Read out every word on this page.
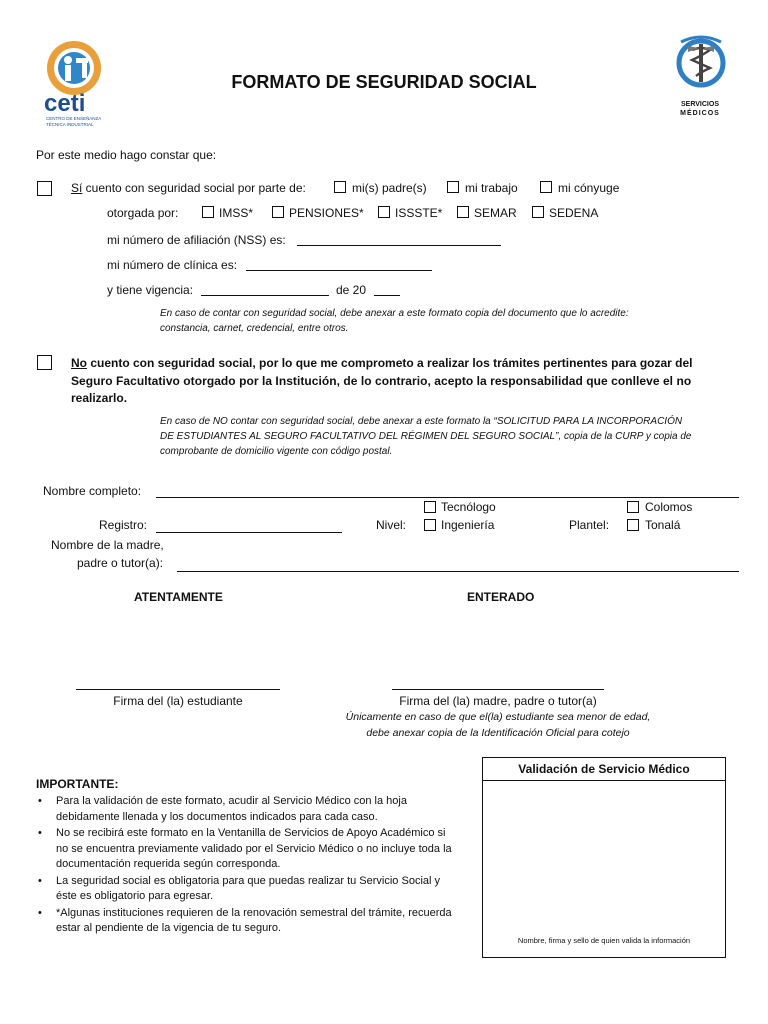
ceti
CENTRO DE ENSEÑANZA
TÉCNICA INDUSTRIAL
FORMATO DE SEGURIDAD SOCIAL
SERVICIOS
MÉDICOS
Por este medio hago constar que:
Sí cuento con seguridad social por parte de:	mi(s) padre(s)	mi trabajo	mi cónyuge
otorgada por:	IMSS*	PENSIONES*	ISSSTE*	SEMAR	SEDENA
mi número de afiliación (NSS) es:
mi número de clínica es:
y tiene vigencia:	de 20
En caso de contar con seguridad social, debe anexar a este formato copia del documento que lo acredite:
constancia, carnet, credencial, entre otros.
No cuento con seguridad social, por lo que me comprometo a realizar los trámites pertinentes para gozar del
Seguro Facultativo otorgado por la Institución, de lo contrario, acepto la responsabilidad que conlleve el no
realizarlo.
En caso de NO contar con seguridad social, debe anexar a este formato la “SOLICITUD PARA LA INCORPORACIÓN
DE ESTUDIANTES AL SEGURO FACULTATIVO DEL RÉGIMEN DEL SEGURO SOCIAL”, copia de la CURP y copia de
comprobante de domicilio vigente con código postal.
Nombre completo:
Tecnólogo	Colomos
Registro:	Nivel:	Ingeniería	Plantel:	Tonalá
Nombre de la madre,
padre o tutor(a):
ATENTAMENTE	ENTERADO
Firma del (la) estudiante	Firma del (la) madre, padre o tutor(a)
Únicamente en caso de que el(la) estudiante sea menor de edad,
debe anexar copia de la Identificación Oficial para cotejo
IMPORTANTE:
• Para la validación de este formato, acudir al Servicio Médico con la hoja debidamente llenada y los documentos indicados para cada caso.
• No se recibirá este formato en la Ventanilla de Servicios de Apoyo Académico si no se encuentra previamente validado por el Servicio Médico o no incluye toda la documentación requerida según corresponda.
• La seguridad social es obligatoria para que puedas realizar tu Servicio Social y éste es obligatorio para egresar.
• *Algunas instituciones requieren de la renovación semestral del trámite, recuerda estar al pendiente de la vigencia de tu seguro.
Validación de Servicio Médico
Nombre, firma y sello de quien valida la información
